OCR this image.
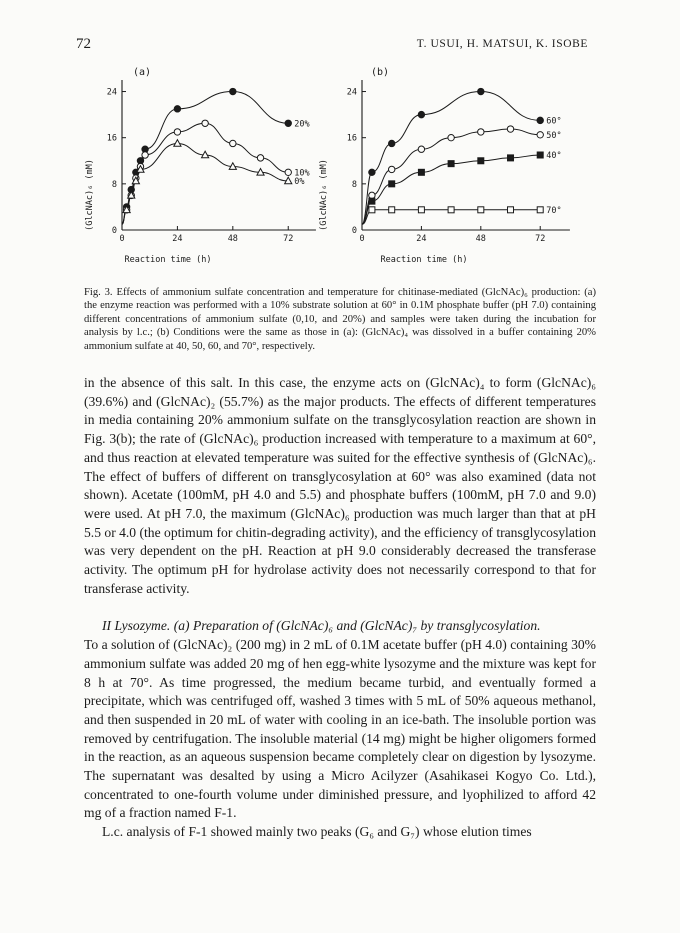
72	T. USUI, H. MATSUI, K. ISOBE
(a)
Reaction time (h)
(GlcNAc)₆ (mM)
(b)
Reaction time (h)
(GlcNAc)₆ (mM)
0	24	48	72
0
8
16
24
20%
10%
0%
0	24	48	72
0
8
16
24
60°
50°
40°
70°
Fig. 3. Effects of ammonium sulfate concentration and temperature for chitinase-mediated (GlcNAc)₆ production: (a) the enzyme reaction was performed with a 10% substrate solution at 60° in 0.1M phosphate buffer (pH 7.0) containing different concentrations of ammonium sulfate (0,10, and 20%) and samples were taken during the incubation for analysis by l.c.; (b) Conditions were the same as those in (a): (GlcNAc)₄ was dissolved in a buffer containing 20% ammonium sulfate at 40, 50, 60, and 70°, respectively.

in the absence of this salt. In this case, the enzyme acts on (GlcNAc)₄ to form (GlcNAc)₆ (39.6%) and (GlcNAc)₂ (55.7%) as the major products. The effects of different temperatures in media containing 20% ammonium sulfate on the transglycosylation reaction are shown in Fig. 3(b); the rate of (GlcNAc)₆ production increased with temperature to a maximum at 60°, and thus reaction at elevated temperature was suited for the effective synthesis of (GlcNAc)₆. The effect of buffers of different on transglycosylation at 60° was also examined (data not shown). Acetate (100mM, pH 4.0 and 5.5) and phosphate buffers (100mM, pH 7.0 and 9.0) were used. At pH 7.0, the maximum (GlcNAc)₆ production was much larger than that at pH 5.5 or 4.0 (the optimum for chitin-degrading activity), and the efficiency of transglycosylation was very dependent on the pH. Reaction at pH 9.0 considerably decreased the transferase activity. The optimum pH for hydrolase activity does not necessarily correspond to that for transferase activity.

II Lysozyme. (a) Preparation of (GlcNAc)₆ and (GlcNAc)₇ by transglycosylation.
To a solution of (GlcNAc)₂ (200 mg) in 2 mL of 0.1M acetate buffer (pH 4.0) containing 30% ammonium sulfate was added 20 mg of hen egg-white lysozyme and the mixture was kept for 8 h at 70°. As time progressed, the medium became turbid, and eventually formed a precipitate, which was centrifuged off, washed 3 times with 5 mL of 50% aqueous methanol, and then suspended in 20 mL of water with cooling in an ice-bath. The insoluble portion was removed by centrifugation. The insoluble material (14 mg) might be higher oligomers formed in the reaction, as an aqueous suspension became completely clear on digestion by lysozyme. The supernatant was desalted by using a Micro Acilyzer (Asahikasei Kogyo Co. Ltd.), concentrated to one-fourth volume under diminished pressure, and lyophilized to afford 42 mg of a fraction named F-1.

L.c. analysis of F-1 showed mainly two peaks (G₆ and G₇) whose elution times
